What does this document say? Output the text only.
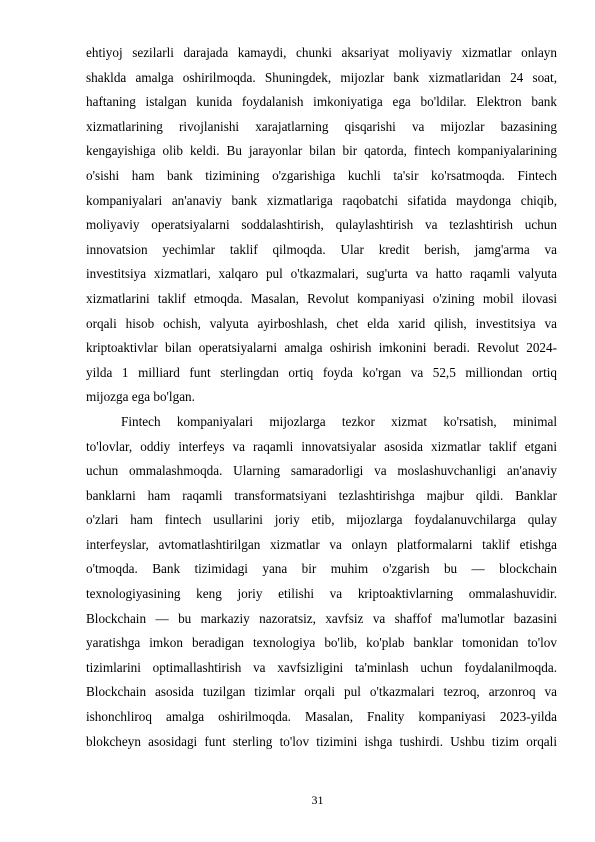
ehtiyoj sezilarli darajada kamaydi, chunki aksariyat moliyaviy xizmatlar onlayn
shaklda amalga oshirilmoqda. Shuningdek, mijozlar bank xizmatlaridan 24 soat,
haftaning istalgan kunida foydalanish imkoniyatiga ega bo'ldilar. Elektron bank
xizmatlarining rivojlanishi xarajatlarning qisqarishi va mijozlar bazasining
kengayishiga olib keldi. Bu jarayonlar bilan bir qatorda, fintech kompaniyalarining
o'sishi ham bank tizimining o'zgarishiga kuchli ta'sir ko'rsatmoqda. Fintech
kompaniyalari an'anaviy bank xizmatlariga raqobatchi sifatida maydonga chiqib,
moliyaviy operatsiyalarni soddalashtirish, qulaylashtirish va tezlashtirish uchun
innovatsion yechimlar taklif qilmoqda. Ular kredit berish, jamg'arma va
investitsiya xizmatlari, xalqaro pul o'tkazmalari, sug'urta va hatto raqamli valyuta
xizmatlarini taklif etmoqda. Masalan, Revolut kompaniyasi o'zining mobil ilovasi
orqali hisob ochish, valyuta ayirboshlash, chet elda xarid qilish, investitsiya va
kriptoaktivlar bilan operatsiyalarni amalga oshirish imkonini beradi. Revolut 2024-
yilda 1 milliard funt sterlingdan ortiq foyda ko'rgan va 52,5 milliondan ortiq
mijozga ega bo'lgan.
Fintech kompaniyalari mijozlarga tezkor xizmat ko'rsatish, minimal
to'lovlar, oddiy interfeys va raqamli innovatsiyalar asosida xizmatlar taklif etgani
uchun ommalashmoqda. Ularning samaradorligi va moslashuvchanligi an'anaviy
banklarni ham raqamli transformatsiyani tezlashtirishga majbur qildi. Banklar
o'zlari ham fintech usullarini joriy etib, mijozlarga foydalanuvchilarga qulay
interfeyslar, avtomatlashtirilgan xizmatlar va onlayn platformalarni taklif etishga
o'tmoqda. Bank tizimidagi yana bir muhim o'zgarish bu — blockchain
texnologiyasining keng joriy etilishi va kriptoaktivlarning ommalashuvidir.
Blockchain — bu markaziy nazoratsiz, xavfsiz va shaffof ma'lumotlar bazasini
yaratishga imkon beradigan texnologiya bo'lib, ko'plab banklar tomonidan to'lov
tizimlarini optimallashtirish va xavfsizligini ta'minlash uchun foydalanilmoqda.
Blockchain asosida tuzilgan tizimlar orqali pul o'tkazmalari tezroq, arzonroq va
ishonchliroq amalga oshirilmoqda. Masalan, Fnality kompaniyasi 2023-yilda
blokcheyn asosidagi funt sterling to'lov tizimini ishga tushirdi. Ushbu tizim orqali
31
